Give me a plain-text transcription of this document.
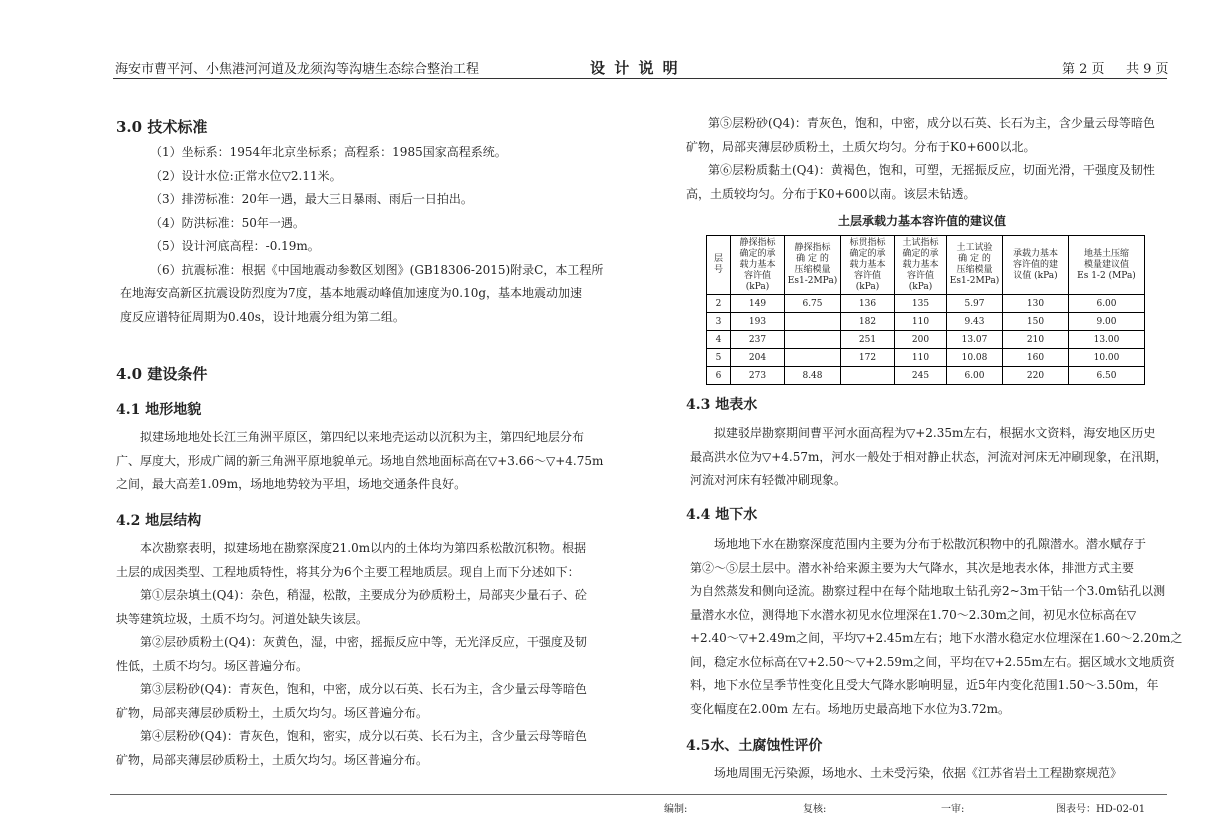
海安市曹平河、小焦港河河道及龙须沟等沟塘生态综合整治工程	设 计 说 明	第 2 页 共 9 页
3.0 技术标准
（1）坐标系：1954年北京坐标系；高程系：1985国家高程系统。
（2）设计水位:正常水位▽2.11米。
（3）排涝标准：20年一遇，最大三日暴雨、雨后一日拍出。
（4）防洪标准：50年一遇。
（5）设计河底高程：-0.19m。
（6）抗震标准：根据《中国地震动参数区划图》(GB18306-2015)附录C，本工程所
在地海安高新区抗震设防烈度为7度，基本地震动峰值加速度为0.10g，基本地震动加速
度反应谱特征周期为0.40s，设计地震分组为第二组。
4.0 建设条件
4.1 地形地貌
拟建场地地处长江三角洲平原区，第四纪以来地壳运动以沉积为主，第四纪地层分布
广、厚度大，形成广阔的新三角洲平原地貌单元。场地自然地面标高在▽+3.66～▽+4.75m
之间，最大高差1.09m，场地地势较为平坦，场地交通条件良好。
4.2 地层结构
本次勘察表明，拟建场地在勘察深度21.0m以内的土体均为第四系松散沉积物。根据
土层的成因类型、工程地质特性，将其分为6个主要工程地质层。现自上而下分述如下：
第①层杂填土(Q4)：杂色，稍湿，松散，主要成分为砂质粉土，局部夹少量石子、砼
块等建筑垃圾，土质不均匀。河道处缺失该层。
第②层砂质粉土(Q4)：灰黄色，湿，中密，摇振反应中等，无光泽反应，干强度及韧
性低，土质不均匀。场区普遍分布。
第③层粉砂(Q4)：青灰色，饱和，中密，成分以石英、长石为主，含少量云母等暗色
矿物，局部夹薄层砂质粉土，土质欠均匀。场区普遍分布。
第④层粉砂(Q4)：青灰色，饱和，密实，成分以石英、长石为主，含少量云母等暗色
矿物，局部夹薄层砂质粉土，土质欠均匀。场区普遍分布。
第⑤层粉砂(Q4)：青灰色，饱和，中密，成分以石英、长石为主，含少量云母等暗色
矿物，局部夹薄层砂质粉土，土质欠均匀。分布于K0+600以北。
第⑥层粉质黏土(Q4)：黄褐色，饱和，可塑，无摇振反应，切面光滑，干强度及韧性
高，土质较均匀。分布于K0+600以南。该层未钻透。
土层承载力基本容许值的建议值
层
号	静探指标
确定的承
载力基本
容许值
(kPa)	静探指标
确 定 的
压缩模量
Es1-2MPa)	标贯指标
确定的承
载力基本
容许值
(kPa)	土试指标
确定的承
载力基本
容许值
(kPa)	土工试验
确 定 的
压缩模量
Es1-2MPa)	承载力基本
容许值的建
议值 (kPa)	地基土压缩
模量建议值
Es 1-2 (MPa)
2	149	6.75	136	135	5.97	130	6.00
3	193		182	110	9.43	150	9.00
4	237		251	200	13.07	210	13.00
5	204		172	110	10.08	160	10.00
6	273	8.48		245	6.00	220	6.50
4.3 地表水
拟建驳岸勘察期间曹平河水面高程为▽+2.35m左右，根据水文资料，海安地区历史
最高洪水位为▽+4.57m，河水一般处于相对静止状态，河流对河床无冲刷现象，在汛期，
河流对河床有轻微冲刷现象。
4.4 地下水
场地地下水在勘察深度范围内主要为分布于松散沉积物中的孔隙潜水。潜水赋存于
第②～⑤层土层中。潜水补给来源主要为大气降水，其次是地表水体，排泄方式主要
为自然蒸发和侧向迳流。勘察过程中在每个陆地取土钻孔旁2~3m干钻一个3.0m钻孔以测
量潜水水位，测得地下水潜水初见水位埋深在1.70～2.30m之间，初见水位标高在▽
+2.40～▽+2.49m之间，平均▽+2.45m左右；地下水潜水稳定水位埋深在1.60～2.20m之
间，稳定水位标高在▽+2.50～▽+2.59m之间，平均在▽+2.55m左右。据区域水文地质资
料，地下水位呈季节性变化且受大气降水影响明显，近5年内变化范围1.50～3.50m，年
变化幅度在2.00m 左右。场地历史最高地下水位为3.72m。
4.5水、土腐蚀性评价
场地周围无污染源，场地水、土未受污染，依据《江苏省岩土工程勘察规范》
编制:	复核:	一审:	图表号：HD-02-01
